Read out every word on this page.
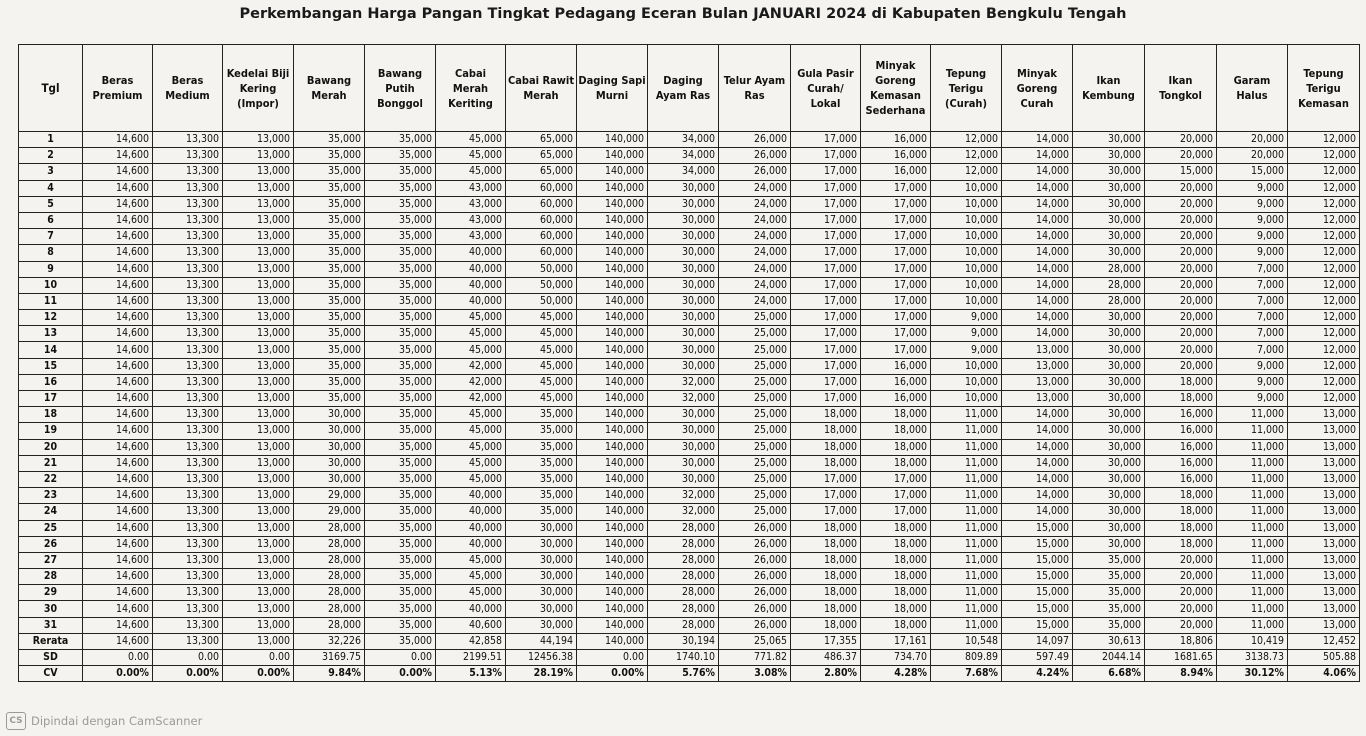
Perkembangan Harga Pangan Tingkat Pedagang Eceran Bulan JANUARI 2024 di Kabupaten Bengkulu Tengah
Tgl	Beras Premium	Beras Medium	Kedelai Biji Kering (Impor)	Bawang Merah	Bawang Putih Bonggol	Cabai Merah Keriting	Cabai Rawit Merah	Daging Sapi Murni	Daging Ayam Ras	Telur Ayam Ras	Gula Pasir Curah/ Lokal	Minyak Goreng Kemasan Sederhana	Tepung Terigu (Curah)	Minyak Goreng Curah	Ikan Kembung	Ikan Tongkol	Garam Halus	Tepung Terigu Kemasan
1	14,600	13,300	13,000	35,000	35,000	45,000	65,000	140,000	34,000	26,000	17,000	16,000	12,000	14,000	30,000	20,000	20,000	12,000
2	14,600	13,300	13,000	35,000	35,000	45,000	65,000	140,000	34,000	26,000	17,000	16,000	12,000	14,000	30,000	20,000	20,000	12,000
3	14,600	13,300	13,000	35,000	35,000	45,000	65,000	140,000	34,000	26,000	17,000	16,000	12,000	14,000	30,000	15,000	15,000	12,000
4	14,600	13,300	13,000	35,000	35,000	43,000	60,000	140,000	30,000	24,000	17,000	17,000	10,000	14,000	30,000	20,000	9,000	12,000
5	14,600	13,300	13,000	35,000	35,000	43,000	60,000	140,000	30,000	24,000	17,000	17,000	10,000	14,000	30,000	20,000	9,000	12,000
6	14,600	13,300	13,000	35,000	35,000	43,000	60,000	140,000	30,000	24,000	17,000	17,000	10,000	14,000	30,000	20,000	9,000	12,000
7	14,600	13,300	13,000	35,000	35,000	43,000	60,000	140,000	30,000	24,000	17,000	17,000	10,000	14,000	30,000	20,000	9,000	12,000
8	14,600	13,300	13,000	35,000	35,000	40,000	60,000	140,000	30,000	24,000	17,000	17,000	10,000	14,000	30,000	20,000	9,000	12,000
9	14,600	13,300	13,000	35,000	35,000	40,000	50,000	140,000	30,000	24,000	17,000	17,000	10,000	14,000	28,000	20,000	7,000	12,000
10	14,600	13,300	13,000	35,000	35,000	40,000	50,000	140,000	30,000	24,000	17,000	17,000	10,000	14,000	28,000	20,000	7,000	12,000
11	14,600	13,300	13,000	35,000	35,000	40,000	50,000	140,000	30,000	24,000	17,000	17,000	10,000	14,000	28,000	20,000	7,000	12,000
12	14,600	13,300	13,000	35,000	35,000	45,000	45,000	140,000	30,000	25,000	17,000	17,000	9,000	14,000	30,000	20,000	7,000	12,000
13	14,600	13,300	13,000	35,000	35,000	45,000	45,000	140,000	30,000	25,000	17,000	17,000	9,000	14,000	30,000	20,000	7,000	12,000
14	14,600	13,300	13,000	35,000	35,000	45,000	45,000	140,000	30,000	25,000	17,000	17,000	9,000	13,000	30,000	20,000	7,000	12,000
15	14,600	13,300	13,000	35,000	35,000	42,000	45,000	140,000	30,000	25,000	17,000	16,000	10,000	13,000	30,000	20,000	9,000	12,000
16	14,600	13,300	13,000	35,000	35,000	42,000	45,000	140,000	32,000	25,000	17,000	16,000	10,000	13,000	30,000	18,000	9,000	12,000
17	14,600	13,300	13,000	35,000	35,000	42,000	45,000	140,000	32,000	25,000	17,000	16,000	10,000	13,000	30,000	18,000	9,000	12,000
18	14,600	13,300	13,000	30,000	35,000	45,000	35,000	140,000	30,000	25,000	18,000	18,000	11,000	14,000	30,000	16,000	11,000	13,000
19	14,600	13,300	13,000	30,000	35,000	45,000	35,000	140,000	30,000	25,000	18,000	18,000	11,000	14,000	30,000	16,000	11,000	13,000
20	14,600	13,300	13,000	30,000	35,000	45,000	35,000	140,000	30,000	25,000	18,000	18,000	11,000	14,000	30,000	16,000	11,000	13,000
21	14,600	13,300	13,000	30,000	35,000	45,000	35,000	140,000	30,000	25,000	18,000	18,000	11,000	14,000	30,000	16,000	11,000	13,000
22	14,600	13,300	13,000	30,000	35,000	45,000	35,000	140,000	30,000	25,000	17,000	17,000	11,000	14,000	30,000	16,000	11,000	13,000
23	14,600	13,300	13,000	29,000	35,000	40,000	35,000	140,000	32,000	25,000	17,000	17,000	11,000	14,000	30,000	18,000	11,000	13,000
24	14,600	13,300	13,000	29,000	35,000	40,000	35,000	140,000	32,000	25,000	17,000	17,000	11,000	14,000	30,000	18,000	11,000	13,000
25	14,600	13,300	13,000	28,000	35,000	40,000	30,000	140,000	28,000	26,000	18,000	18,000	11,000	15,000	30,000	18,000	11,000	13,000
26	14,600	13,300	13,000	28,000	35,000	40,000	30,000	140,000	28,000	26,000	18,000	18,000	11,000	15,000	30,000	18,000	11,000	13,000
27	14,600	13,300	13,000	28,000	35,000	45,000	30,000	140,000	28,000	26,000	18,000	18,000	11,000	15,000	35,000	20,000	11,000	13,000
28	14,600	13,300	13,000	28,000	35,000	45,000	30,000	140,000	28,000	26,000	18,000	18,000	11,000	15,000	35,000	20,000	11,000	13,000
29	14,600	13,300	13,000	28,000	35,000	45,000	30,000	140,000	28,000	26,000	18,000	18,000	11,000	15,000	35,000	20,000	11,000	13,000
30	14,600	13,300	13,000	28,000	35,000	40,000	30,000	140,000	28,000	26,000	18,000	18,000	11,000	15,000	35,000	20,000	11,000	13,000
31	14,600	13,300	13,000	28,000	35,000	40,600	30,000	140,000	28,000	26,000	18,000	18,000	11,000	15,000	35,000	20,000	11,000	13,000
Rerata	14,600	13,300	13,000	32,226	35,000	42,858	44,194	140,000	30,194	25,065	17,355	17,161	10,548	14,097	30,613	18,806	10,419	12,452
SD	0.00	0.00	0.00	3169.75	0.00	2199.51	12456.38	0.00	1740.10	771.82	486.37	734.70	809.89	597.49	2044.14	1681.65	3138.73	505.88
CV	0.00%	0.00%	0.00%	9.84%	0.00%	5.13%	28.19%	0.00%	5.76%	3.08%	2.80%	4.28%	7.68%	4.24%	6.68%	8.94%	30.12%	4.06%
CS Dipindai dengan CamScanner
